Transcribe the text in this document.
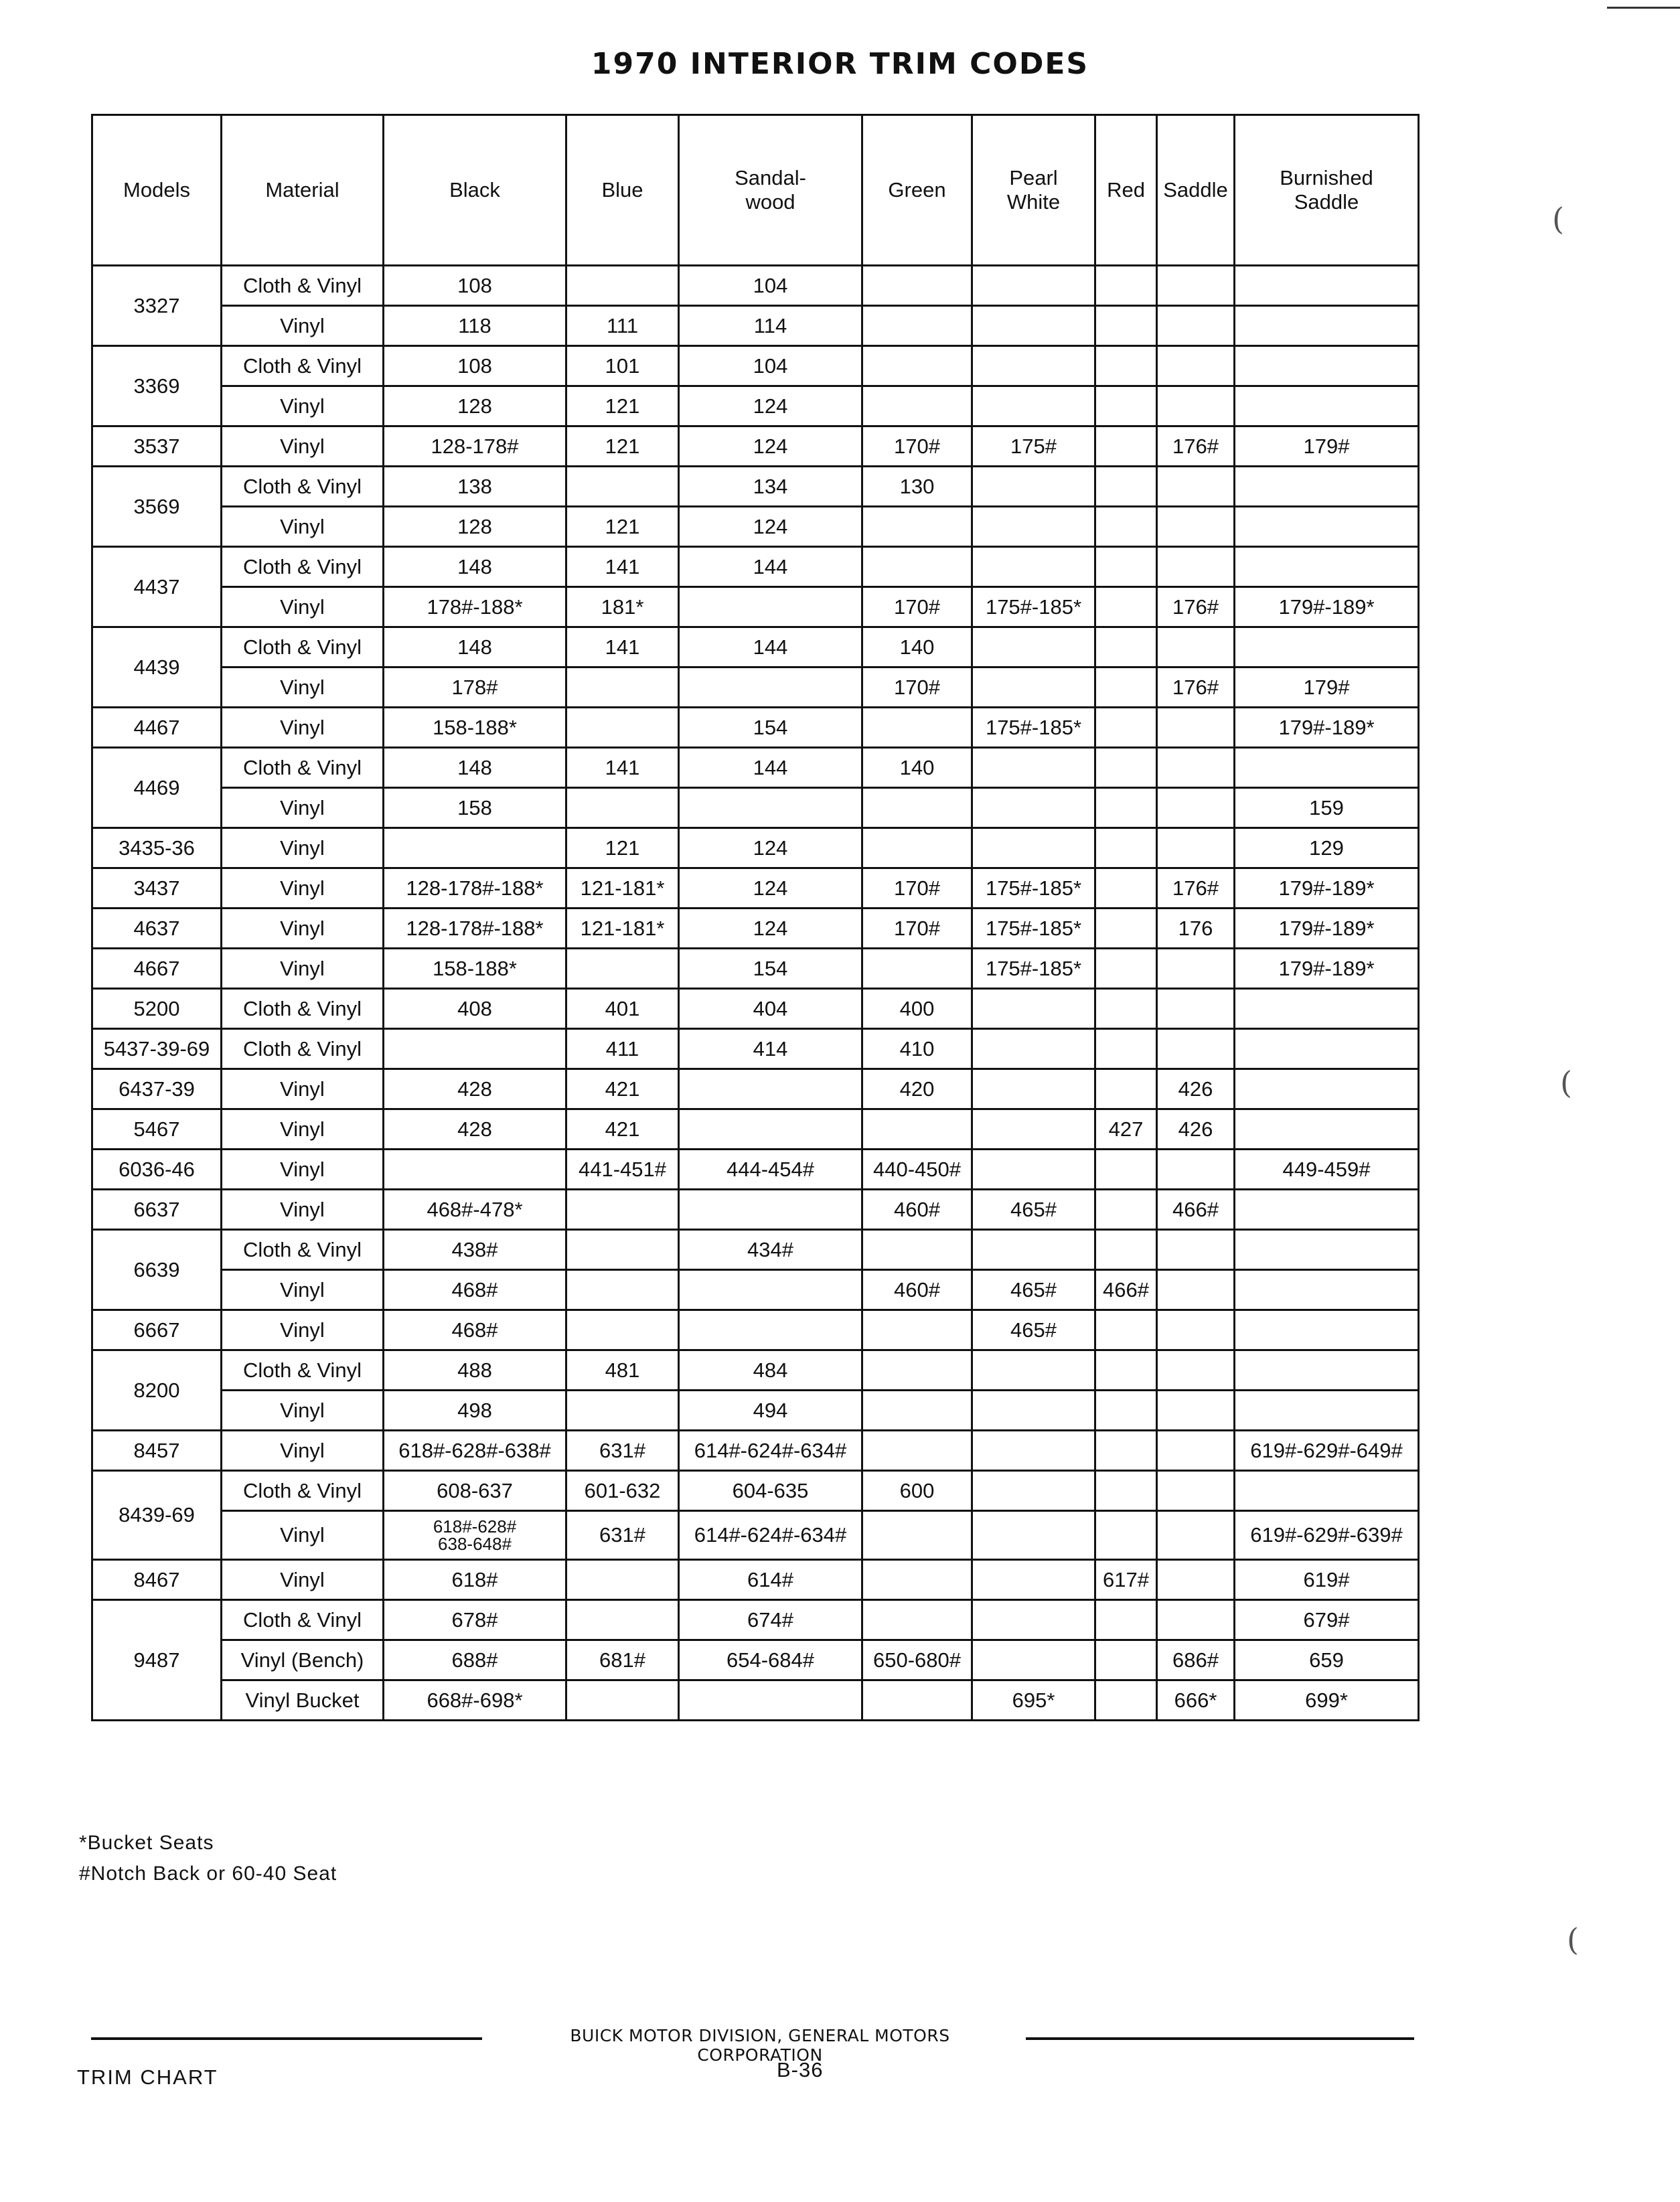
1970 INTERIOR TRIM CODES
Models	Material	Black	Blue	Sandal-
wood	Green	Pearl
White	Red	Saddle	Burnished
Saddle
3327	Cloth & Vinyl	108		104					
	Vinyl	118	111	114					
3369	Cloth & Vinyl	108	101	104					
	Vinyl	128	121	124					
3537	Vinyl	128-178#	121	124	170#	175#		176#	179#
3569	Cloth & Vinyl	138		134	130				
	Vinyl	128	121	124					
4437	Cloth & Vinyl	148	141	144					
	Vinyl	178#-188*	181*		170#	175#-185*		176#	179#-189*
4439	Cloth & Vinyl	148	141	144	140				
	Vinyl	178#			170#			176#	179#
4467	Vinyl	158-188*		154		175#-185*			179#-189*
4469	Cloth & Vinyl	148	141	144	140				
	Vinyl	158							159
3435-36	Vinyl		121	124					129
3437	Vinyl	128-178#-188*	121-181*	124	170#	175#-185*		176#	179#-189*
4637	Vinyl	128-178#-188*	121-181*	124	170#	175#-185*		176	179#-189*
4667	Vinyl	158-188*		154		175#-185*			179#-189*
5200	Cloth & Vinyl	408	401	404	400				
5437-39-69	Cloth & Vinyl		411	414	410				
6437-39	Vinyl	428	421		420			426	
5467	Vinyl	428	421				427	426	
6036-46	Vinyl		441-451#	444-454#	440-450#				449-459#
6637	Vinyl	468#-478*			460#	465#		466#	
6639	Cloth & Vinyl	438#		434#					
	Vinyl	468#			460#	465#	466#		
6667	Vinyl	468#				465#			
8200	Cloth & Vinyl	488	481	484					
	Vinyl	498		494					
8457	Vinyl	618#-628#-638#	631#	614#-624#-634#					619#-629#-649#
8439-69	Cloth & Vinyl	608-637	601-632	604-635	600				
	Vinyl	618#-628#
638-648#	631#	614#-624#-634#					619#-629#-639#
8467	Vinyl	618#		614#			617#		619#
9487	Cloth & Vinyl	678#		674#					679#
	Vinyl (Bench)	688#	681#	654-684#	650-680#			686#	659
	Vinyl Bucket	668#-698*				695*		666*	699*
*Bucket Seats
#Notch Back or 60-40 Seat
BUICK MOTOR DIVISION, GENERAL MOTORS CORPORATION
TRIM CHART	B-36
(
(
(
